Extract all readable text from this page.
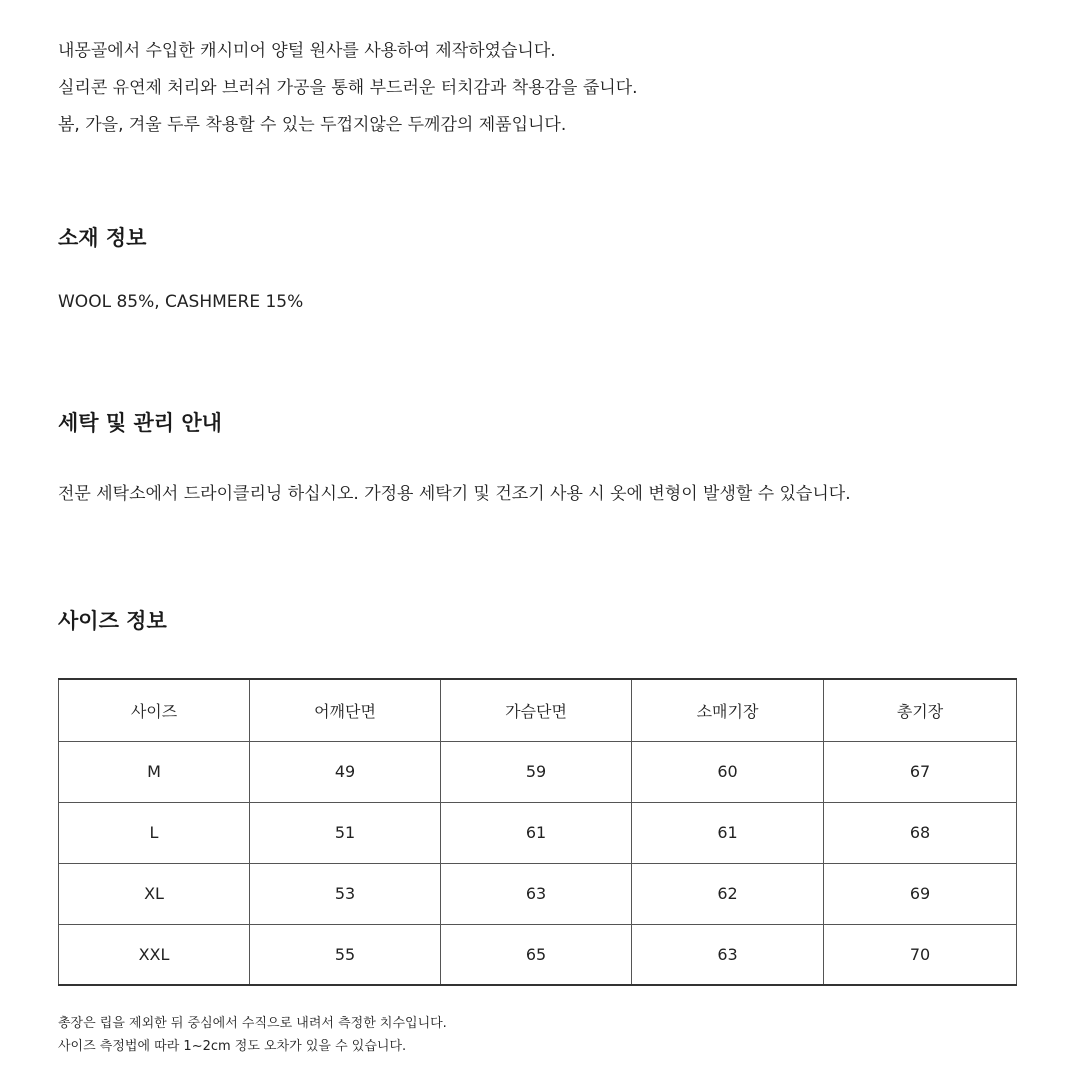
내몽골에서 수입한 캐시미어 양털 원사를 사용하여 제작하였습니다.
실리콘 유연제 처리와 브러쉬 가공을 통해 부드러운 터치감과 착용감을 줍니다.
봄, 가을, 겨울 두루 착용할 수 있는 두껍지않은 두께감의 제품입니다.
소재 정보
WOOL 85%, CASHMERE 15%
세탁 및 관리 안내
전문 세탁소에서 드라이클리닝 하십시오. 가정용 세탁기 및 건조기 사용 시 옷에 변형이 발생할 수 있습니다.
사이즈 정보
사이즈	어깨단면	가슴단면	소매기장	총기장
M	49	59	60	67
L	51	61	61	68
XL	53	63	62	69
XXL	55	65	63	70
총장은 립을 제외한 뒤 중심에서 수직으로 내려서 측정한 치수입니다.
사이즈 측정법에 따라 1~2cm 정도 오차가 있을 수 있습니다.
